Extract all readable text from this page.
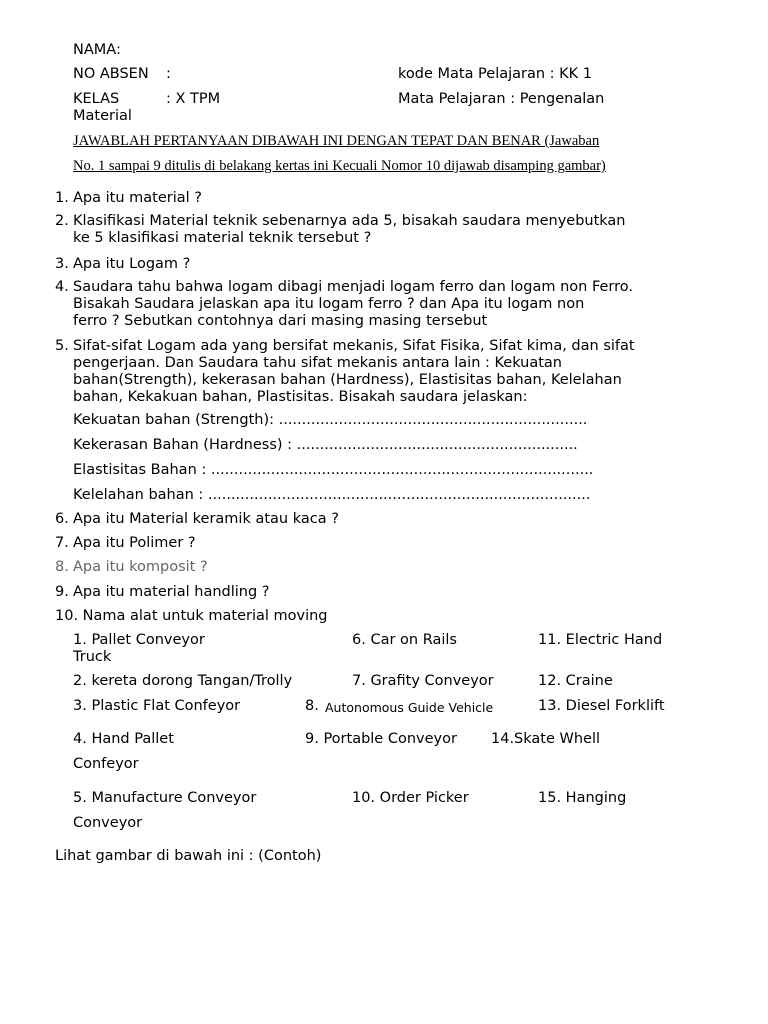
NAMA:
NO ABSEN :	kode Mata Pelajaran : KK 1
KELAS	: X TPM	Mata Pelajaran : Pengenalan
Material
JAWABLAH PERTANYAAN DIBAWAH INI DENGAN TEPAT DAN BENAR (Jawaban
No. 1 sampai 9 ditulis di belakang kertas ini Kecuali Nomor 10 dijawab disamping gambar)
1. Apa itu material ?
2. Klasifikasi Material teknik sebenarnya ada 5, bisakah saudara menyebutkan
ke 5 klasifikasi material teknik tersebut ?
3. Apa itu Logam ?
4. Saudara tahu bahwa logam dibagi menjadi logam ferro dan logam non Ferro.
Bisakah Saudara jelaskan apa itu logam ferro ? dan Apa itu logam non
ferro ? Sebutkan contohnya dari masing masing tersebut
5. Sifat-sifat Logam ada yang bersifat mekanis, Sifat Fisika, Sifat kima, dan sifat
pengerjaan. Dan Saudara tahu sifat mekanis antara lain : Kekuatan
bahan(Strength), kekerasan bahan (Hardness), Elastisitas bahan, Kelelahan
bahan, Kekakuan bahan, Plastisitas. Bisakah saudara jelaskan:
Kekuatan bahan (Strength): ...................................................................
Kekerasan Bahan (Hardness) : .............................................................
Elastisitas Bahan : ...................................................................................
Kelelahan bahan : ...................................................................................
6. Apa itu Material keramik atau kaca ?
7. Apa itu Polimer ?
8. Apa itu komposit ?
9. Apa itu material handling ?
10. Nama alat untuk material moving
1. Pallet Conveyor	6. Car on Rails	11. Electric Hand
Truck
2. kereta dorong Tangan/Trolly	7. Grafity Conveyor	12. Craine
3. Plastic Flat Confeyor	8. Autonomous Guide Vehicle	13. Diesel Forklift
4. Hand Pallet	9. Portable Conveyor 14.Skate Whell
Confeyor
5. Manufacture Conveyor	10. Order Picker	15. Hanging
Conveyor
Lihat gambar di bawah ini : (Contoh)
